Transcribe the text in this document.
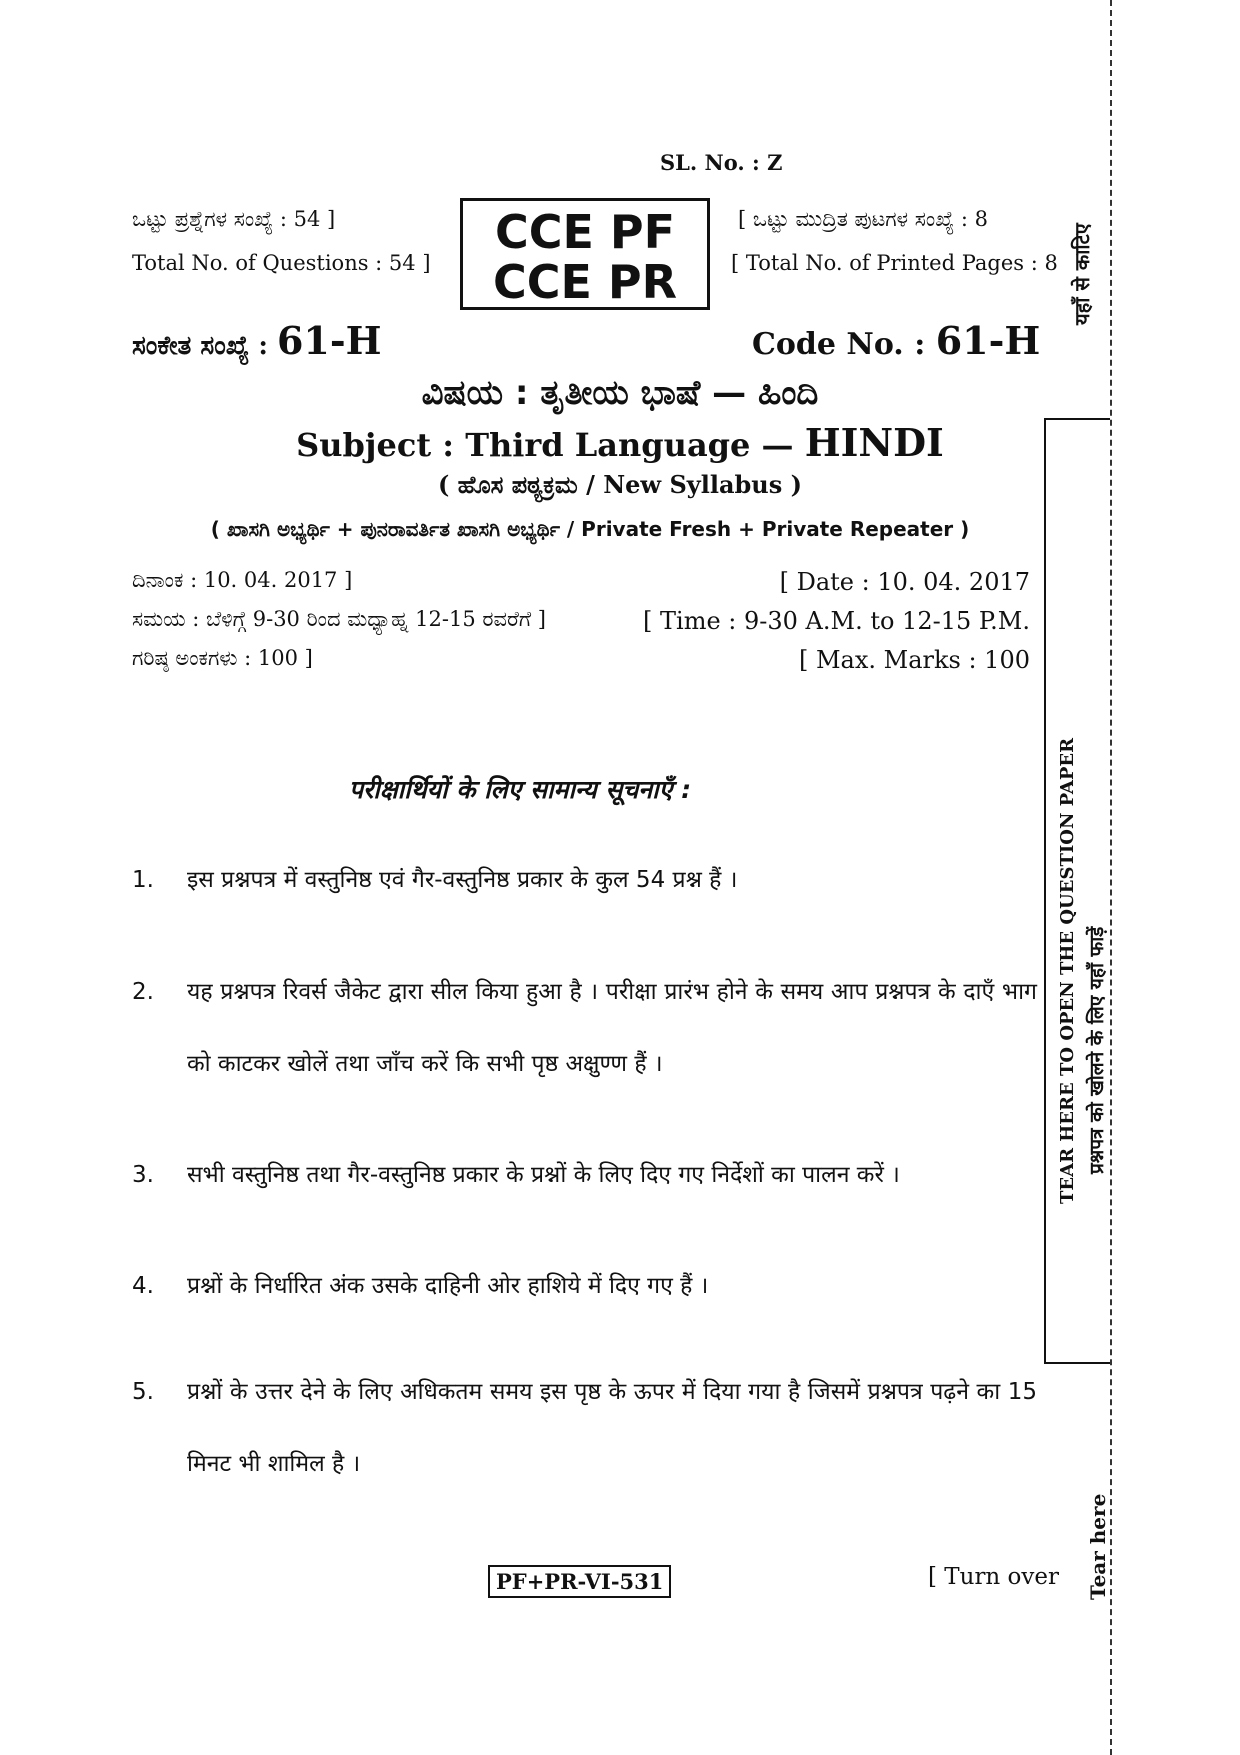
SL. No. : Z
CCE PF
CCE PR
ಒಟ್ಟು ಪ್ರಶ್ನೆಗಳ ಸಂಖ್ಯೆ : 54 ]
Total No. of Questions : 54 ]
[ ಒಟ್ಟು ಮುದ್ರಿತ ಪುಟಗಳ ಸಂಖ್ಯೆ : 8
[ Total No. of Printed Pages : 8
ಸಂಕೇತ ಸಂಖ್ಯೆ : 61-H	Code No. : 61-H
ವಿಷಯ : ತೃತೀಯ ಭಾಷೆ — ಹಿಂದಿ
Subject : Third Language — HINDI
( ಹೊಸ ಪಠ್ಯಕ್ರಮ / New Syllabus )
( ಖಾಸಗಿ ಅಭ್ಯರ್ಥಿ + ಪುನರಾವರ್ತಿತ ಖಾಸಗಿ ಅಭ್ಯರ್ಥಿ / Private Fresh + Private Repeater )
ದಿನಾಂಕ : 10. 04. 2017 ]	[ Date : 10. 04. 2017
ಸಮಯ : ಬೆಳಿಗ್ಗೆ 9-30 ರಿಂದ ಮಧ್ಯಾಹ್ನ 12-15 ರವರೆಗೆ ]	[ Time : 9-30 A.M. to 12-15 P.M.
ಗರಿಷ್ಠ ಅಂಕಗಳು : 100 ]	[ Max. Marks : 100
परीक्षार्थियों के लिए सामान्य सूचनाएँ :
1. इस प्रश्नपत्र में वस्तुनिष्ठ एवं गैर-वस्तुनिष्ठ प्रकार के कुल 54 प्रश्न हैं ।
2. यह प्रश्नपत्र रिवर्स जैकेट द्वारा सील किया हुआ है । परीक्षा प्रारंभ होने के समय आप प्रश्नपत्र के दाएँ भाग को काटकर खोलें तथा जाँच करें कि सभी पृष्ठ अक्षुण्ण हैं ।
3. सभी वस्तुनिष्ठ तथा गैर-वस्तुनिष्ठ प्रकार के प्रश्नों के लिए दिए गए निर्देशों का पालन करें ।
4. प्रश्नों के निर्धारित अंक उसके दाहिनी ओर हाशिये में दिए गए हैं ।
5. प्रश्नों के उत्तर देने के लिए अधिकतम समय इस पृष्ठ के ऊपर में दिया गया है जिसमें प्रश्नपत्र पढ़ने का 15 मिनट भी शामिल है ।
PF+PR-VI-531	[ Turn over
यहाँ से काटिए
TEAR HERE TO OPEN THE QUESTION PAPER प्रश्नपत्र को खोलने के लिए यहाँ फाड़ें
Tear here
